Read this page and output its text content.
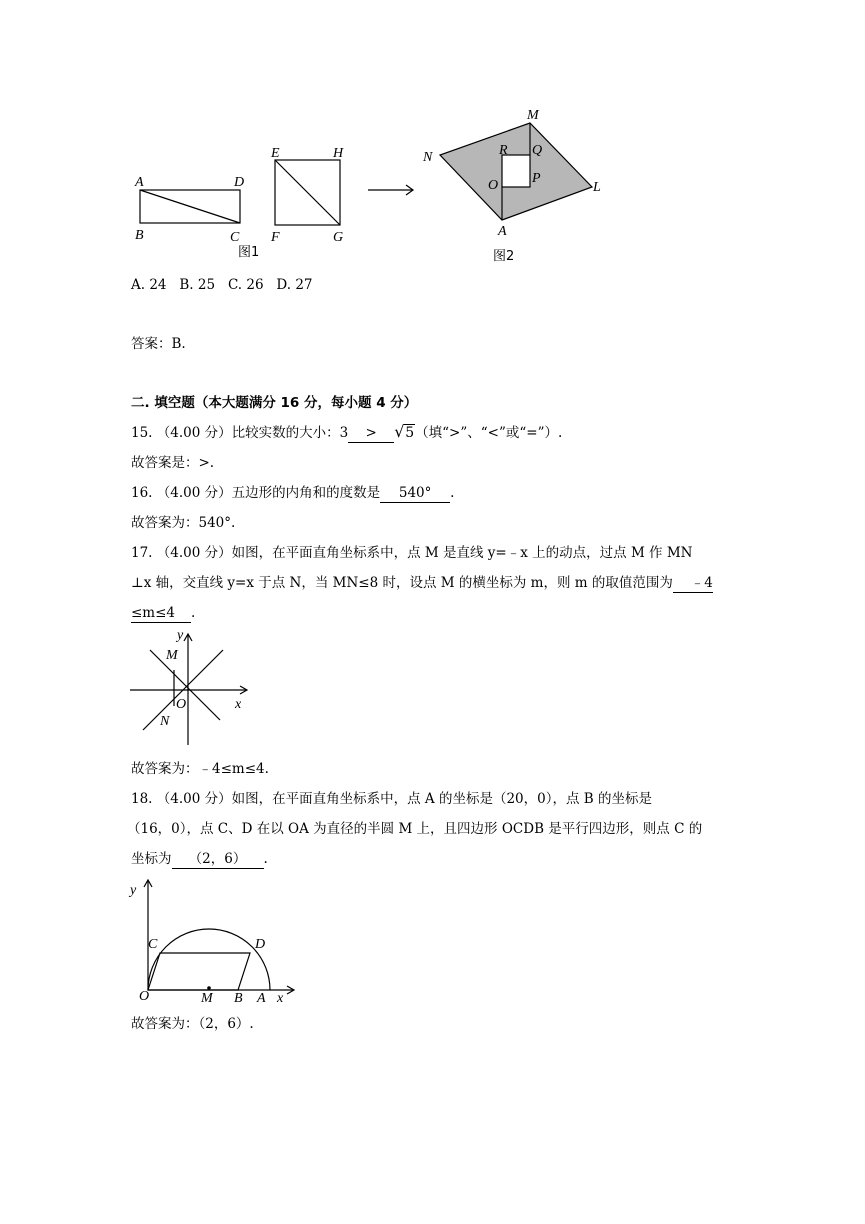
A	D
B	C
E	H
F	G
图1
M
N	R Q
O P
L
A
图2
A. 24   B. 25   C. 26   D. 27
答案：B.
二. 填空题（本大题满分 16 分，每小题 4 分）
15. （4.00 分）比较实数的大小：3 > √ 5（填“>”、“<”或“=”）.
故答案是：>.
16. （4.00 分）五边形的内角和的度数是 540° .
故答案为：540°.
17. （4.00 分）如图，在平面直角坐标系中，点 M 是直线 y=﹣x 上的动点，过点 M 作 MN
⊥x 轴，交直线 y=x 于点 N，当 MN≤8 时，设点 M 的横坐标为 m，则 m 的取值范围为 ﹣4
≤m≤4 .
y
M
O	x
N
故答案为：﹣4≤m≤4.
18. （4.00 分）如图，在平面直角坐标系中，点 A 的坐标是（20，0），点 B 的坐标是
（16，0），点 C、D 在以 OA 为直径的半圆 M 上，且四边形 OCDB 是平行四边形，则点 C 的
坐标为 （2，6） .
y
C	D
O	M B A x
故答案为：（2，6）.
